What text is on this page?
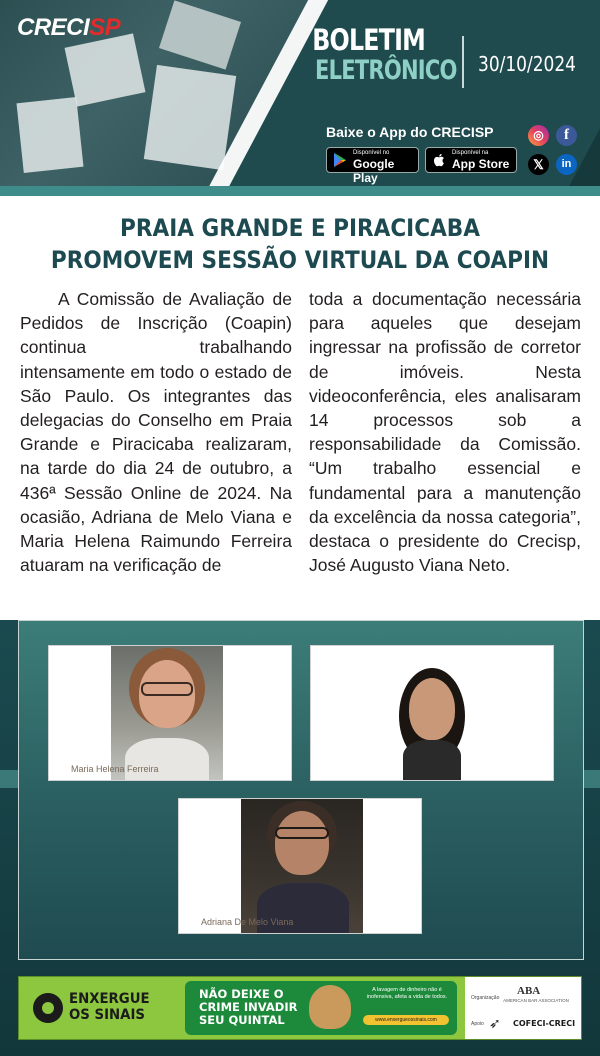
CRECISP	BOLETIM
ELETRÔNICO 30/10/2024
Baixe o App do CRECISP
Disponível no
Google Play
Disponível na
App Store
◎	f
𝕏	in
PRAIA GRANDE E PIRACICABA
PROMOVEM SESSÃO VIRTUAL DA COAPIN
A Comissão de Avaliação de Pedidos de Inscrição (Coapin) continua trabalhando intensamente em todo o estado de São Paulo. Os integrantes das delegacias do Conselho em Praia Grande e Piracicaba realizaram, na tarde do dia 24 de outubro, a 436ª Sessão Online de 2024. Na ocasião, Adriana de Melo Viana e Maria Helena Raimundo Ferreira atuaram na verificação de
toda a documentação necessária para aqueles que desejam ingressar na profissão de corretor de imóveis. Nesta videoconferência, eles analisaram 14 processos sob a responsabilidade da Comissão. “Um trabalho essencial e fundamental para a manutenção da excelência da nossa categoria”, destaca o presidente do Crecisp, José Augusto Viana Neto.
Maria Helena Ferreira
Adriana De Melo Viana
ENXERGUE
OS SINAIS
NÃO DEIXE O
CRIME INVADIR
SEU QUINTAL
A lavagem de dinheiro não é inofensiva, afeta a vida de todos.
www.enxergueossinais.com
Organização
ABA
AMERICAN BAR ASSOCIATION
Apoio ➶ COFECI-CRECI
